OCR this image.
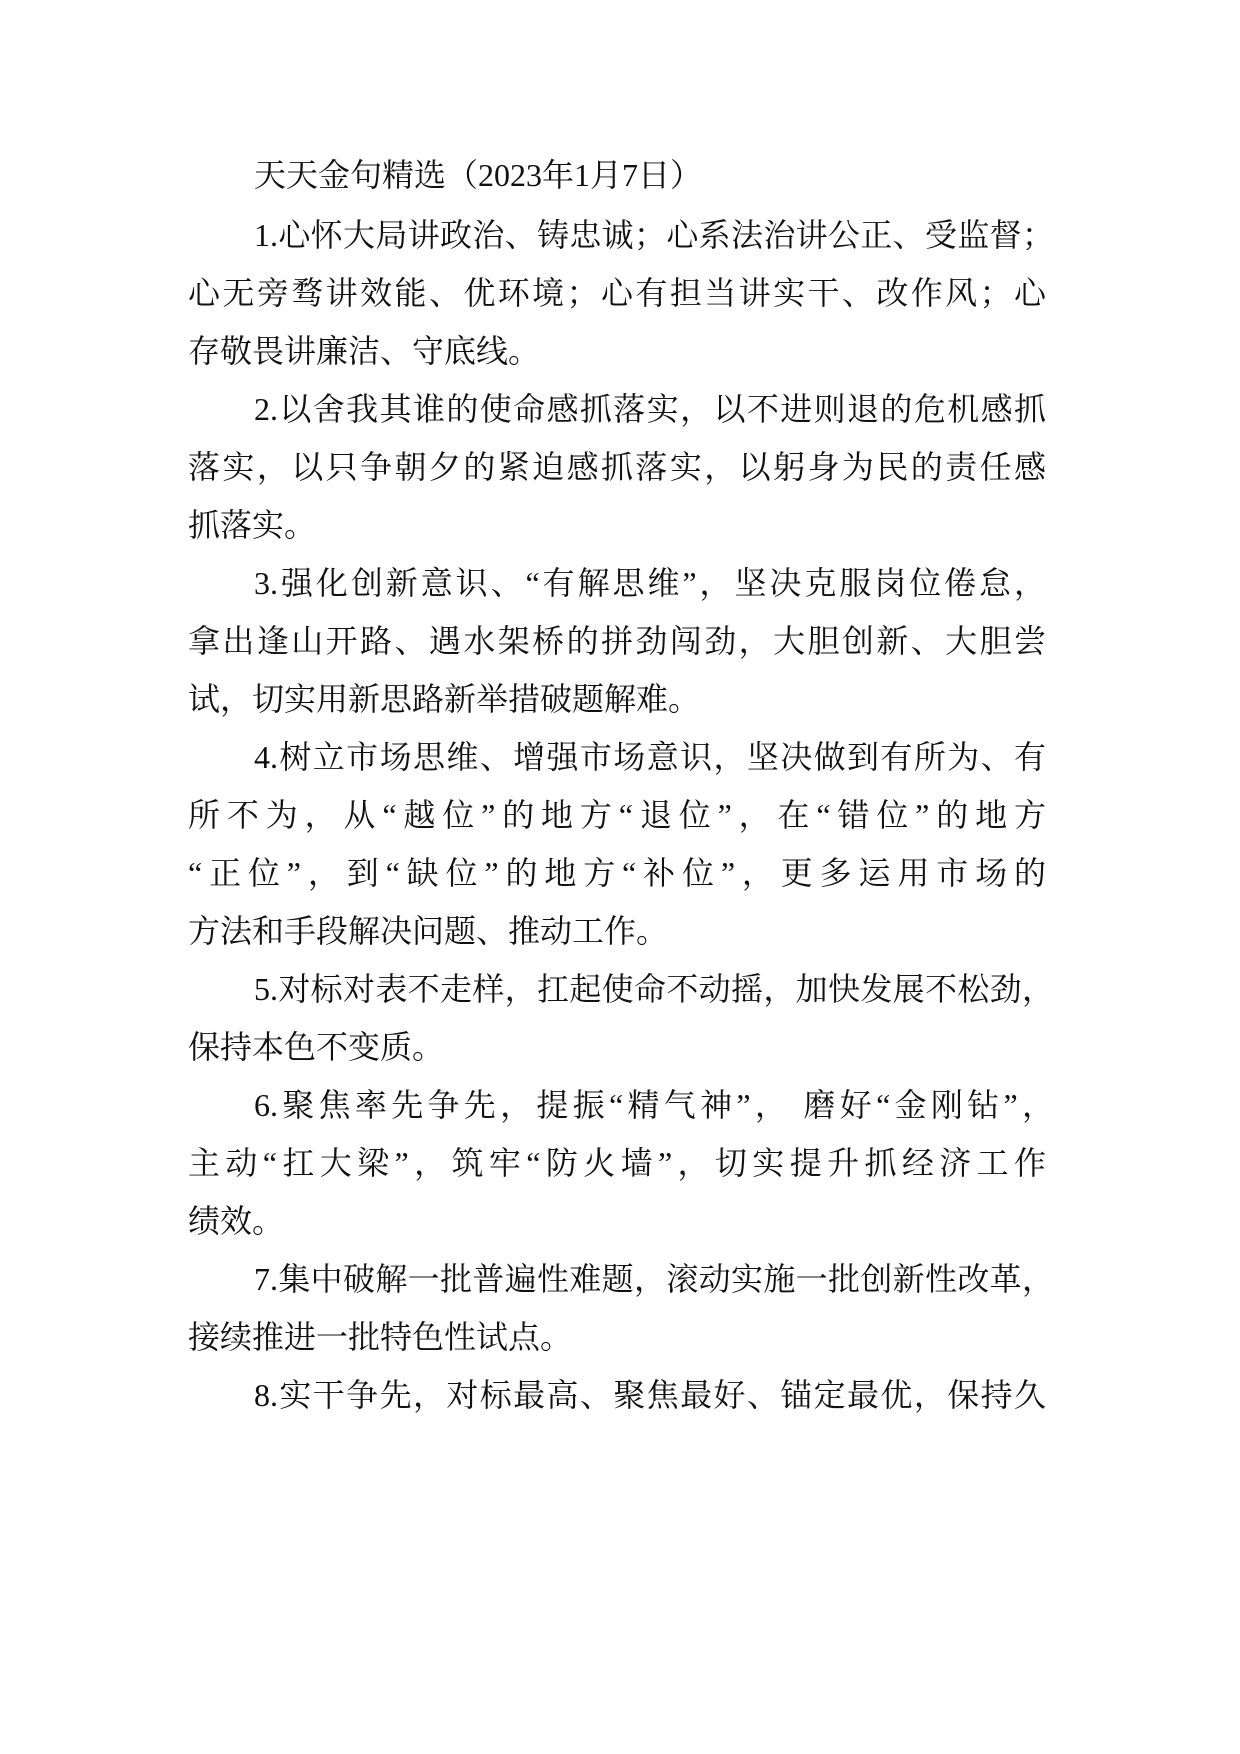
天天金句精选（2023年1月7日）
1.心怀大局讲政治、铸忠诚；心系法治讲公正、受监督；
心无旁骛讲效能、优环境；心有担当讲实干、改作风；心
存敬畏讲廉洁、守底线。
2.以舍我其谁的使命感抓落实，以不进则退的危机感抓
落实，以只争朝夕的紧迫感抓落实，以躬身为民的责任感
抓落实。
3.强化创新意识、“有解思维”，坚决克服岗位倦怠，
拿出逢山开路、遇水架桥的拼劲闯劲，大胆创新、大胆尝
试，切实用新思路新举措破题解难。
4.树立市场思维、增强市场意识，坚决做到有所为、有
所不为，从“越位”的地方“退位”，在“错位”的地方
“正位”，到“缺位”的地方“补位”，更多运用市场的
方法和手段解决问题、推动工作。
5.对标对表不走样，扛起使命不动摇，加快发展不松劲，
保持本色不变质。
6.聚焦率先争先，提振“精气神”， 磨好“金刚钻”，
主动“扛大梁”，筑牢“防火墙”，切实提升抓经济工作
绩效。
7.集中破解一批普遍性难题，滚动实施一批创新性改革，
接续推进一批特色性试点。
8.实干争先，对标最高、聚焦最好、锚定最优，保持久
